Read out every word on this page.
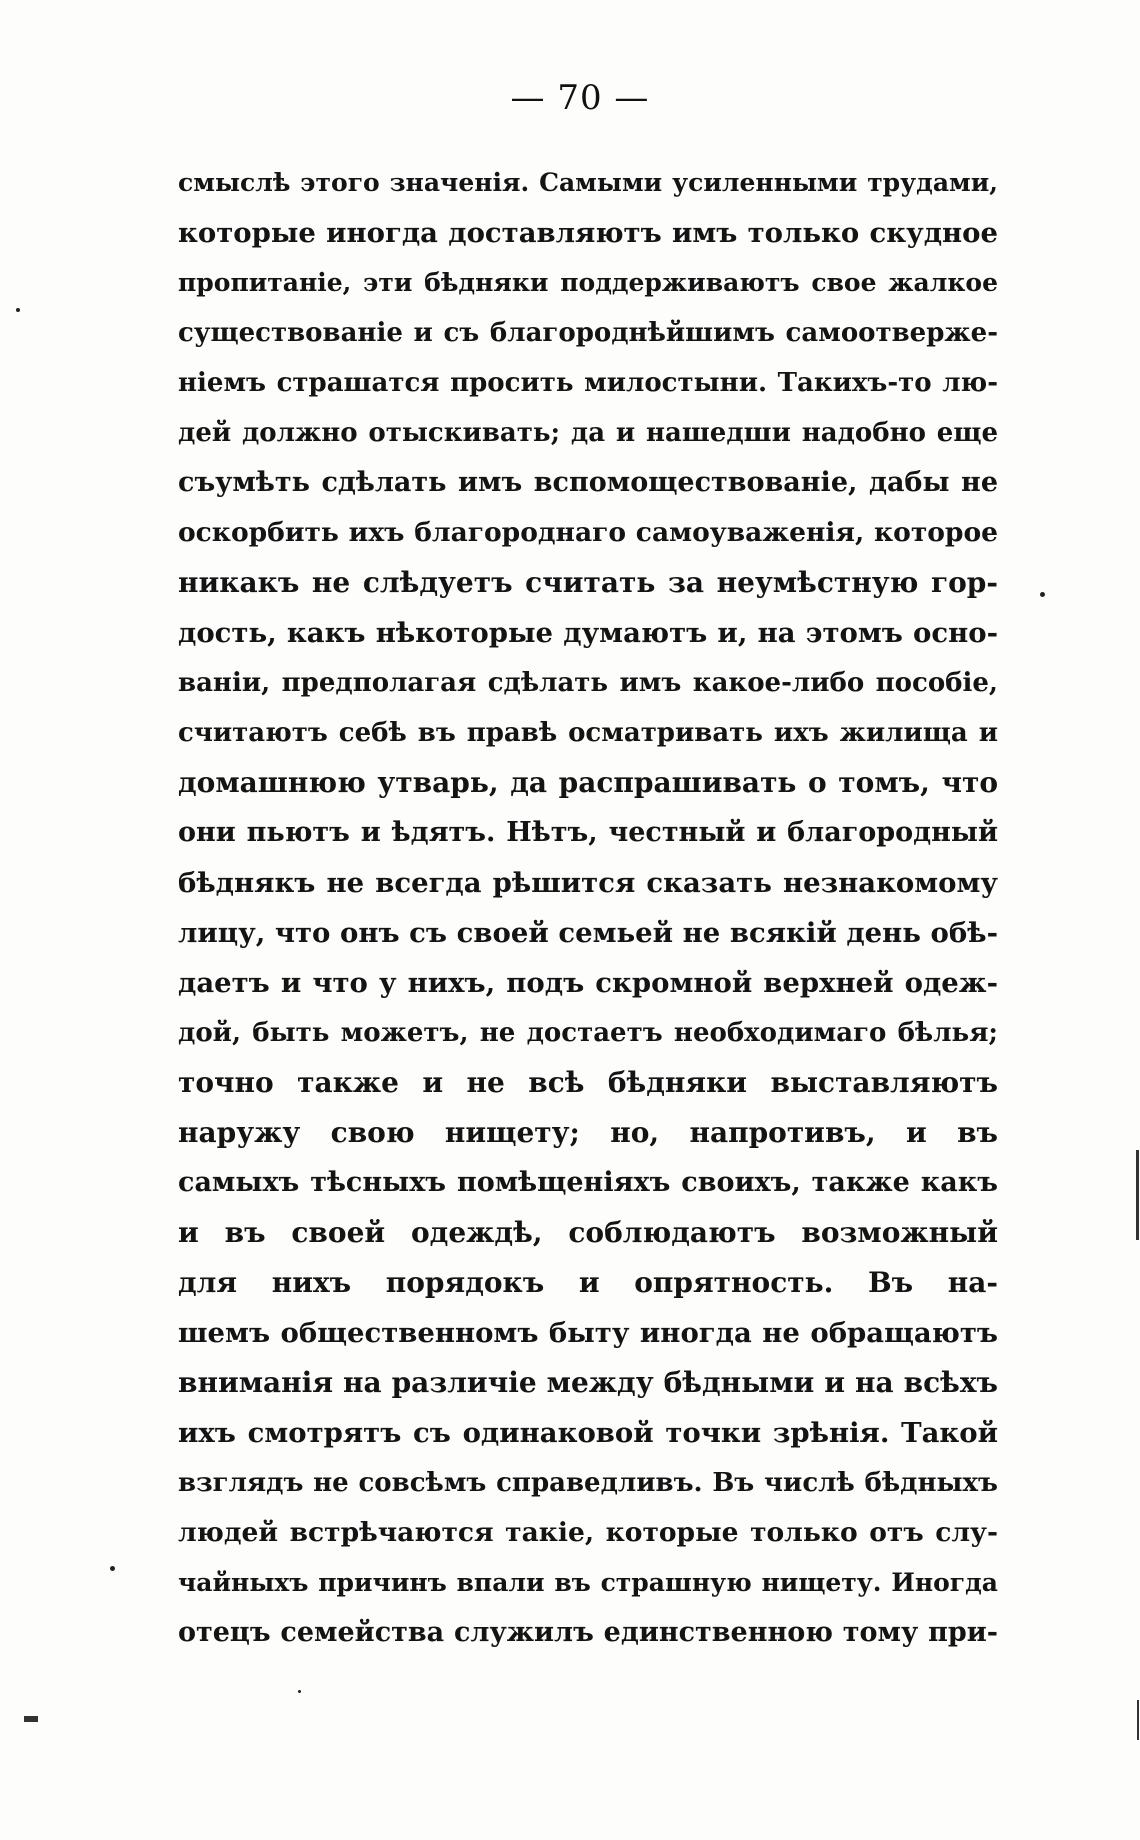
— 70 —
смыслѣ этого значенія. Самыми усиленными трудами,
которые иногда доставляютъ имъ только скудное
пропитаніе, эти бѣдняки поддерживаютъ свое жалкое
существованіе и съ благороднѣйшимъ самоотверже-
ніемъ страшатся просить милостыни. Такихъ-то лю-
дей должно отыскивать; да и нашедши надобно еще
съумѣть сдѣлать имъ вспомоществованіе, дабы не
оскорбить ихъ благороднаго самоуваженія, которое
никакъ не слѣдуетъ считать за неумѣстную гор-
дость, какъ нѣкоторые думаютъ и, на этомъ осно-
ваніи, предполагая сдѣлать имъ какое-либо пособіе,
считаютъ себѣ въ правѣ осматривать ихъ жилища и
домашнюю утварь, да распрашивать о томъ, что
они пьютъ и ѣдятъ. Нѣтъ, честный и благородный
бѣднякъ не всегда рѣшится сказать незнакомому
лицу, что онъ съ своей семьей не всякій день обѣ-
даетъ и что у нихъ, подъ скромной верхней одеж-
дой, быть можетъ, не достаетъ необходимаго бѣлья;
точно также и не всѣ бѣдняки выставляютъ
наружу свою нищету; но, напротивъ, и въ
самыхъ тѣсныхъ помѣщеніяхъ своихъ, также какъ
и въ своей одеждѣ, соблюдаютъ возможный
для нихъ порядокъ и опрятность. Въ на-
шемъ общественномъ быту иногда не обращаютъ
вниманія на различіе между бѣдными и на всѣхъ
ихъ смотрятъ съ одинаковой точки зрѣнія. Такой
взглядъ не совсѣмъ справедливъ. Въ числѣ бѣдныхъ
людей встрѣчаются такіе, которые только отъ слу-
чайныхъ причинъ впали въ страшную нищету. Иногда
отецъ семейства служилъ единственною тому при-
